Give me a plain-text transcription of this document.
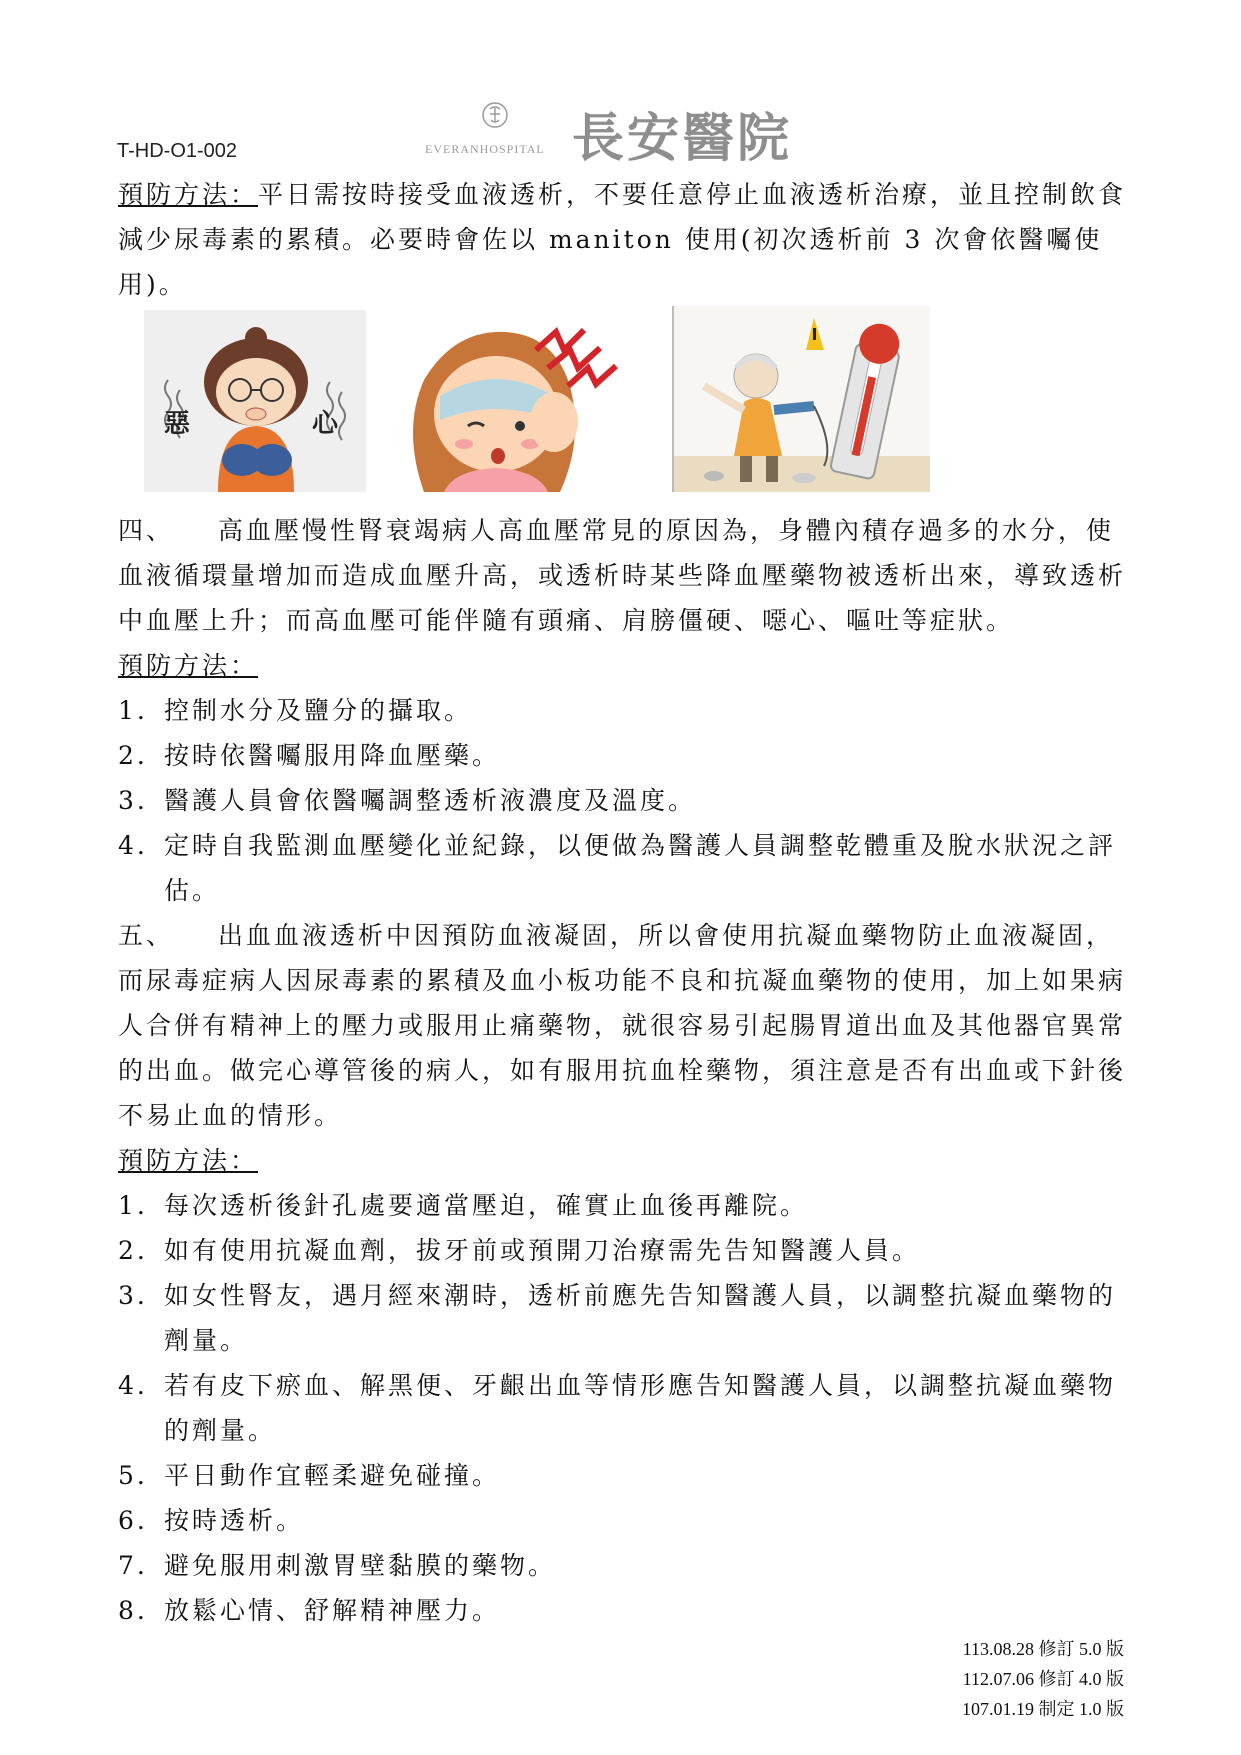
T-HD-O1-002	EVERANHOSPITAL 長安醫院
預防方法：平日需按時接受血液透析，不要任意停止血液透析治療，並且控制飲食減少尿毒素的累積。必要時會佐以 maniton 使用(初次透析前 3 次會依醫囑使用)。
惡	心
四、 高血壓慢性腎衰竭病人高血壓常見的原因為，身體內積存過多的水分，使血液循環量增加而造成血壓升高，或透析時某些降血壓藥物被透析出來，導致透析中血壓上升；而高血壓可能伴隨有頭痛、肩膀僵硬、噁心、嘔吐等症狀。
預防方法：
1. 控制水分及鹽分的攝取。
2. 按時依醫囑服用降血壓藥。
3. 醫護人員會依醫囑調整透析液濃度及溫度。
4. 定時自我監測血壓變化並紀錄，以便做為醫護人員調整乾體重及脫水狀況之評估。
五、 出血血液透析中因預防血液凝固，所以會使用抗凝血藥物防止血液凝固，而尿毒症病人因尿毒素的累積及血小板功能不良和抗凝血藥物的使用，加上如果病人合併有精神上的壓力或服用止痛藥物，就很容易引起腸胃道出血及其他器官異常的出血。做完心導管後的病人，如有服用抗血栓藥物，須注意是否有出血或下針後不易止血的情形。
預防方法：
1. 每次透析後針孔處要適當壓迫，確實止血後再離院。
2. 如有使用抗凝血劑，拔牙前或預開刀治療需先告知醫護人員。
3. 如女性腎友，遇月經來潮時，透析前應先告知醫護人員，以調整抗凝血藥物的劑量。
4. 若有皮下瘀血、解黑便、牙齦出血等情形應告知醫護人員，以調整抗凝血藥物的劑量。
5. 平日動作宜輕柔避免碰撞。
6. 按時透析。
7. 避免服用刺激胃壁黏膜的藥物。
8. 放鬆心情、舒解精神壓力。
113.08.28 修訂 5.0 版
112.07.06 修訂 4.0 版
107.01.19 制定 1.0 版
